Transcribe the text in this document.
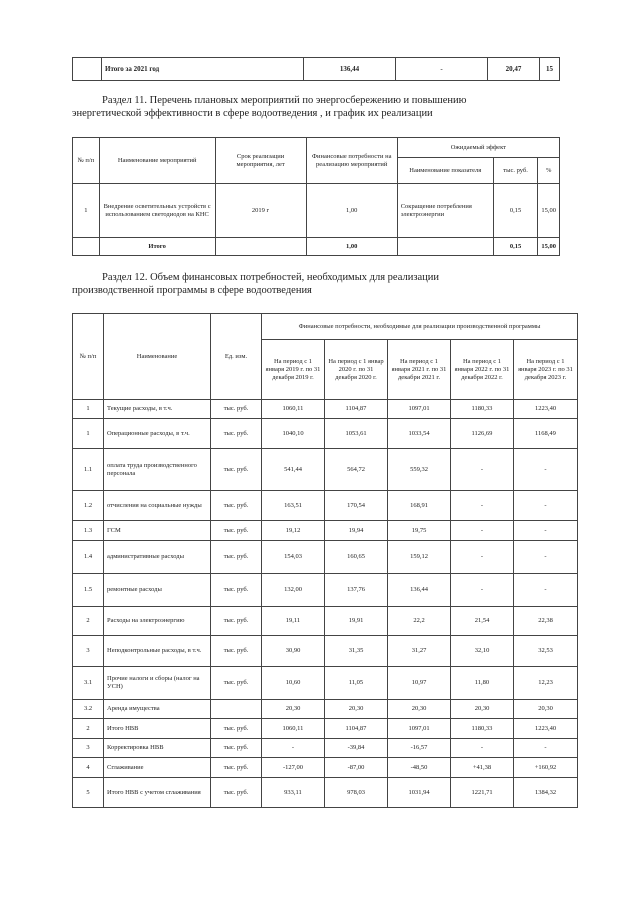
	Итого за 2021 год	136,44	-	20,47	15
Раздел 11. Перечень плановых мероприятий по энергосбережению и повышению
энергетической эффективности в сфере водоотведения , и график их реализации
№ п/п	Наименование мероприятий	Срок реализации мероприятия, лет	Финансовые потребности на реализацию мероприятий	Ожидаемый эффект		
				Наименование показателя	тыс. руб.	%
1	Внедрение осветительных устройств с использованием светодиодов на КНС	2019 г	1,00	Сокращение потребления электроэнергии	0,15	15,00
	Итого		1,00		0,15	15,00
Раздел 12. Объем финансовых потребностей, необходимых для реализации
производственной программы в сфере водоотведения
№ п/п	Наименование	Ед. изм.	Финансовые потребности, необходимые для реализации производственной программы				
			На период с 1 января 2019 г. по 31 декабря 2019 г.	На период с 1 январ 2020 г. по 31 декабря 2020 г.	На период с 1 января 2021 г. по 31 декабри 2021 г.	На период с 1 января 2022 г. по 31 декабря 2022 г.	На период с 1 января 2023 г. по 31 декабря 2023 г.
1	Текущие расходы, в т.ч.	тыс. руб.	1060,11	1104,87	1097,01	1180,33	1223,40
1	Операционные расходы, в т.ч.	тыс. руб.	1040,10	1053,61	1033,54	1126,69	1168,49
1.1	оплата труда производственного персонала	тыс. руб.	541,44	564,72	559,32	-	-
1.2	отчисления на социальные нужды	тыс. руб.	163,51	170,54	168,91	-	-
1.3	ГСМ	тыс. руб.	19,12	19,94	19,75	-	-
1.4	административные расходы	тыс. руб.	154,03	160,65	159,12	-	-
1.5	ремонтные расходы	тыс. руб.	132,00	137,76	136,44	-	-
2	Расходы на электроэнергию	тыс. руб.	19,11	19,91	22,2	21,54	22,38
3	Неподконтрольные расходы, в т.ч.	тыс. руб.	30,90	31,35	31,27	32,10	32,53
3.1	Прочие налоги и сборы (налог на УСН)	тыс. руб.	10,60	11,05	10,97	11,80	12,23
3.2	Аренда имущества		20,30	20,30	20,30	20,30	20,30
2	Итого НВВ	тыс. руб.	1060,11	1104,87	1097,01	1180,33	1223,40
3	Корректировка НВВ	тыс. руб.	-	-39,84	-16,57	-	-
4	Сглаживание	тыс. руб.	-127,00	-87,00	-48,50	+41,38	+160,92
5	Итого НВВ с учетом сглаживания	тыс. руб.	933,11	978,03	1031,94	1221,71	1384,32
